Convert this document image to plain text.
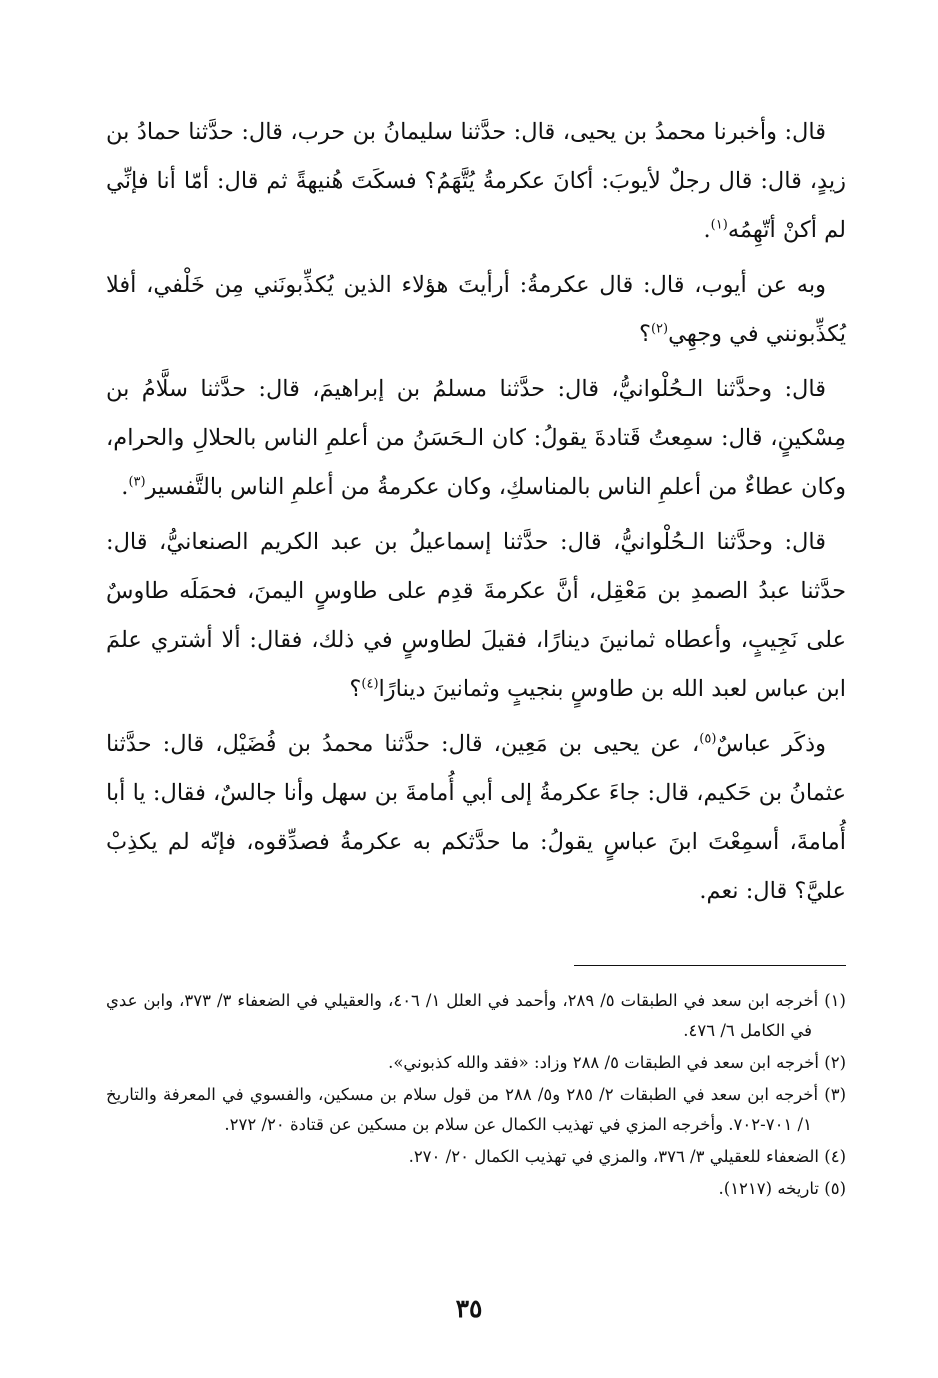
قال: وأخبرنا محمدُ بن يحيى، قال: حدَّثنا سليمانُ بن حرب، قال: حدَّثنا حمادُ بن زيدٍ، قال: قال رجلٌ لأيوبَ: أكانَ عكرمةُ يُتَّهَمُ؟ فسكَتَ هُنيهةً ثم قال: أمّا أنا فإنِّي لم أكنْ أتّهِمُه$^{(١)}$.

وبه عن أيوب، قال: قال عكرمةُ: أرأيتَ هؤلاء الذين يُكذِّبونَني مِن خَلْفي، أفلا يُكذِّبونني في وجهِي$^{(٢)}$؟

قال: وحدَّثنا الـحُلْوانيُّ، قال: حدَّثنا مسلمُ بن إبراهيمَ، قال: حدَّثنا سلَّامُ بن مِسْكينٍ، قال: سمِعتُ قَتادةَ يقولُ: كان الـحَسَنُ من أعلمِ الناس بالحلالِ والحرام، وكان عطاءٌ من أعلمِ الناس بالمناسكِ، وكان عكرمةُ من أعلمِ الناس بالتَّفسير$^{(٣)}$.

قال: وحدَّثنا الـحُلْوانيُّ، قال: حدَّثنا إسماعيلُ بن عبد الكريم الصنعانيُّ، قال: حدَّثنا عبدُ الصمدِ بن مَعْقِل، أنَّ عكرمةَ قدِم على طاوسٍ اليمنَ، فحمَلَه طاوسٌ على نَجِيبٍ، وأعطاه ثمانينَ دينارًا، فقيلَ لطاوسٍ في ذلك، فقال: ألا أشتري علمَ ابن عباس لعبد الله بن طاوسٍ بنجيبٍ وثمانينَ دينارًا$^{(٤)}$؟

وذكَر عباسٌ$^{(٥)}$، عن يحيى بن مَعِين، قال: حدَّثنا محمدُ بن فُضَيْل، قال: حدَّثنا عثمانُ بن حَكيم، قال: جاءَ عكرمةُ إلى أبي أُمامةَ بن سهل وأنا جالسٌ، فقال: يا أبا أُمامةَ، أسمِعْتَ ابنَ عباسٍ يقولُ: ما حدَّثكم به عكرمةُ فصدِّقوه، فإنّه لم يكذِبْ عليَّ؟ قال: نعم.

(١) أخرجه ابن سعد في الطبقات ٥/ ٢٨٩، وأحمد في العلل ١/ ٤٠٦، والعقيلي في الضعفاء ٣/ ٣٧٣، وابن عدي في الكامل ٦/ ٤٧٦.

(٢) أخرجه ابن سعد في الطبقات ٥/ ٢٨٨ وزاد: «فقد والله كذبوني».

(٣) أخرجه ابن سعد في الطبقات ٢/ ٢٨٥ و٥/ ٢٨٨ من قول سلام بن مسكين، والفسوي في المعرفة والتاريخ ١/ ٧٠١-٧٠٢. وأخرجه المزي في تهذيب الكمال عن سلام بن مسكين عن قتادة ٢٠/ ٢٧٢.

(٤) الضعفاء للعقيلي ٣/ ٣٧٦، والمزي في تهذيب الكمال ٢٠/ ٢٧٠.

(٥) تاريخه (١٢١٧).

٣٥
